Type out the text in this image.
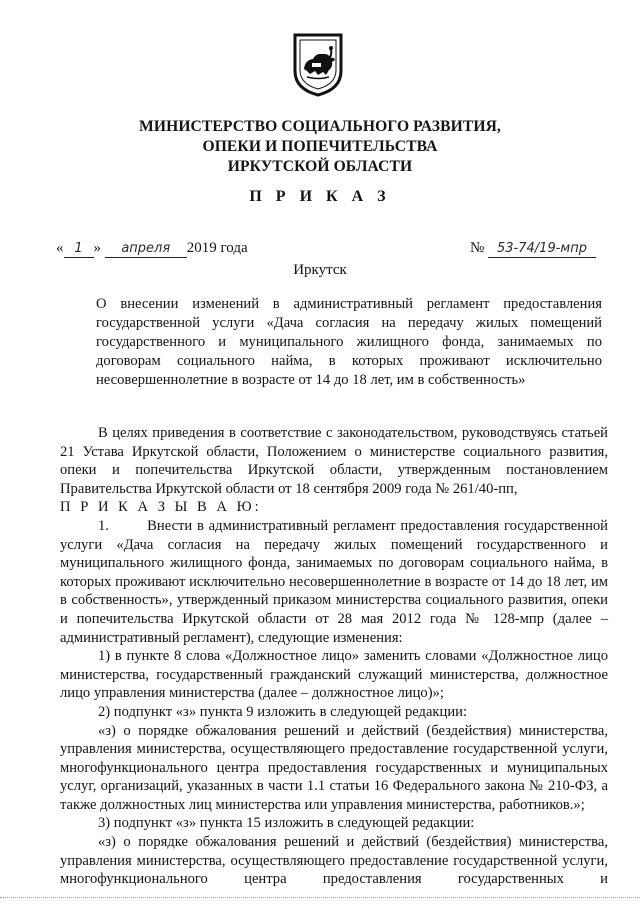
МИНИСТЕРСТВО СОЦИАЛЬНОГО РАЗВИТИЯ,
ОПЕКИ И ПОПЕЧИТЕЛЬСТВА
ИРКУТСКОЙ ОБЛАСТИ
П Р И К А З
« 1 » апреля 2019 года	№ 53-74/19-мпр
Иркутск
О внесении изменений в административный регламент предоставления государственной услуги «Дача согласия на передачу жилых помещений государственного и муниципального жилищного фонда, занимаемых по договорам социального найма, в которых проживают исключительно несовершеннолетние в возрасте от 14 до 18 лет, им в собственность»

В целях приведения в соответствие с законодательством, руководствуясь статьей 21 Устава Иркутской области, Положением о министерстве социального развития, опеки и попечительства Иркутской области, утвержденным постановлением Правительства Иркутской области от 18 сентября 2009 года № 261/40-пп,

П Р И К А З Ы В А Ю:

1.        Внести в административный регламент предоставления государственной услуги «Дача согласия на передачу жилых помещений государственного и муниципального жилищного фонда, занимаемых по договорам социального найма, в которых проживают исключительно несовершеннолетние в возрасте от 14 до 18 лет, им в собственность», утвержденный приказом министерства социального развития, опеки и попечительства Иркутской области от 28 мая 2012 года № 128-мпр (далее – административный регламент), следующие изменения:

1) в пункте 8 слова «Должностное лицо» заменить словами «Должностное лицо министерства, государственный гражданский служащий министерства, должностное лицо управления министерства (далее – должностное лицо)»;

2) подпункт «з» пункта 9 изложить в следующей редакции:

«з) о порядке обжалования решений и действий (бездействия) министерства, управления министерства, осуществляющего предоставление государственной услуги, многофункционального центра предоставления государственных и муниципальных услуг, организаций, указанных в части 1.1 статьи 16 Федерального закона № 210-ФЗ, а также должностных лиц министерства или управления министерства, работников.»;

3) подпункт «з» пункта 15 изложить в следующей редакции:

«з) о порядке обжалования решений и действий (бездействия) министерства, управления министерства, осуществляющего предоставление государственной услуги, многофункционального центра предоставления государственных и
